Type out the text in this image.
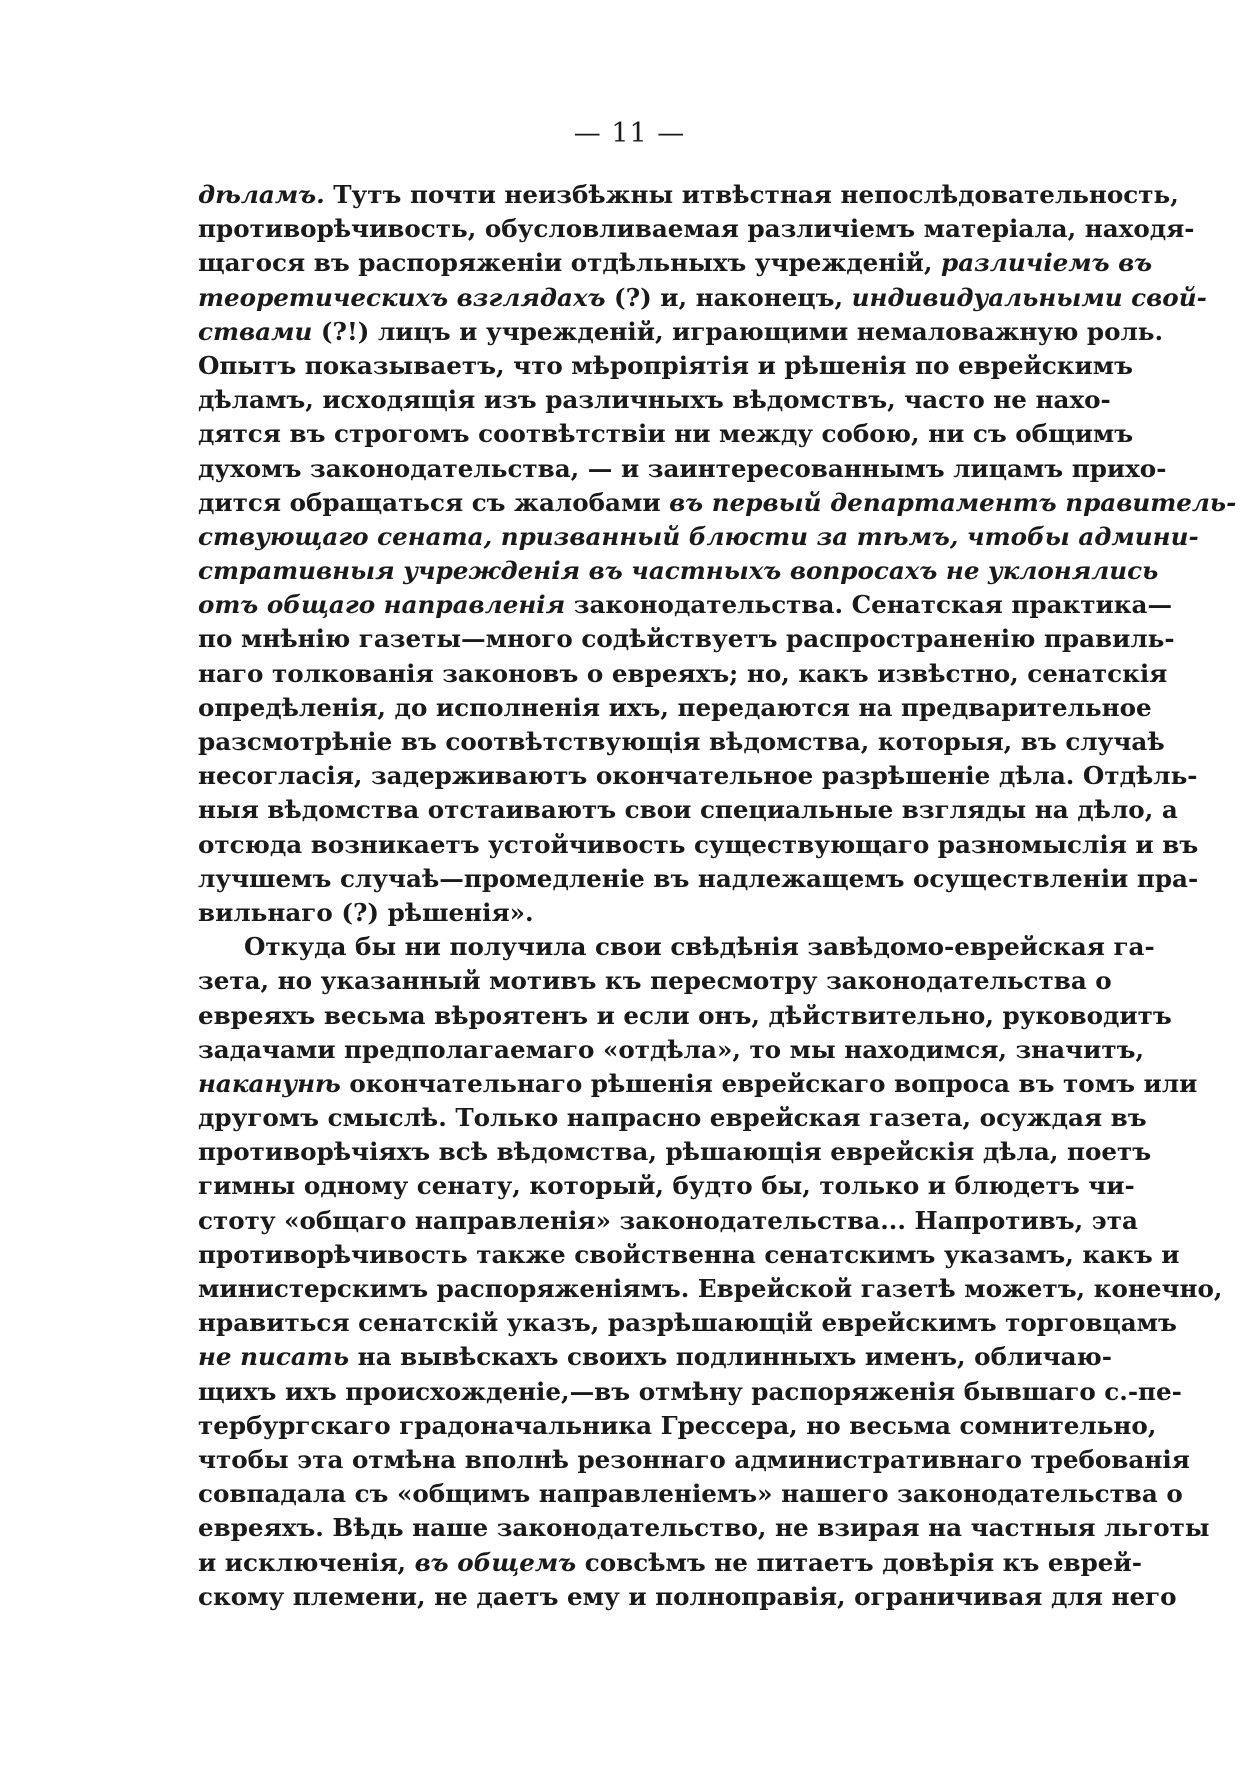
— 11 —
дѣламъ. Тутъ почти неизбѣжны итвѣстная непослѣдовательность,
противорѣчивость, обусловливаемая различіемъ матеріала, находя-
щагося въ распоряженіи отдѣльныхъ учрежденій, различіемъ въ
теоретическихъ взглядахъ (?) и, наконецъ, индивидуальными свой-
ствами (?!) лицъ и учрежденій, играющими немаловажную роль.
Опытъ показываетъ, что мѣропріятія и рѣшенія по еврейскимъ
дѣламъ, исходящія изъ различныхъ вѣдомствъ, часто не нахо-
дятся въ строгомъ соотвѣтствіи ни между собою, ни съ общимъ
духомъ законодательства, — и заинтересованнымъ лицамъ прихо-
дится обращаться съ жалобами въ первый департаментъ правитель-
ствующаго сената, призванный блюсти за тѣмъ, чтобы админи-
стративныя учрежденія въ частныхъ вопросахъ не уклонялись
отъ общаго направленія законодательства. Сенатская практика—
по мнѣнію газеты—много содѣйствуетъ распространенію правиль-
наго толкованія законовъ о евреяхъ; но, какъ извѣстно, сенатскія
опредѣленія, до исполненія ихъ, передаются на предварительное
разсмотрѣніе въ соотвѣтствующія вѣдомства, которыя, въ случаѣ
несогласія, задерживаютъ окончательное разрѣшеніе дѣла. Отдѣль-
ныя вѣдомства отстаиваютъ свои специальные взгляды на дѣло, а
отсюда возникаетъ устойчивость существующаго разномыслія и въ
лучшемъ случаѣ—промедленіе въ надлежащемъ осуществленіи пра-
вильнаго (?) рѣшенія».
Откуда бы ни получила свои свѣдѣнія завѣдомо-еврейская га-
зета, но указанный мотивъ къ пересмотру законодательства о
евреяхъ весьма вѣроятенъ и если онъ, дѣйствительно, руководитъ
задачами предполагаемаго «отдѣла», то мы находимся, значитъ,
наканунѣ окончательнаго рѣшенія еврейскаго вопроса въ томъ или
другомъ смыслѣ. Только напрасно еврейская газета, осуждая въ
противорѣчіяхъ всѣ вѣдомства, рѣшающія еврейскія дѣла, поетъ
гимны одному сенату, который, будто бы, только и блюдетъ чи-
стоту «общаго направленія» законодательства... Напротивъ, эта
противорѣчивость также свойственна сенатскимъ указамъ, какъ и
министерскимъ распоряженіямъ. Еврейской газетѣ можетъ, конечно,
нравиться сенатскій указъ, разрѣшающій еврейскимъ торговцамъ
не писать на вывѣскахъ своихъ подлинныхъ именъ, обличаю-
щихъ ихъ происхожденіе,—въ отмѣну распоряженія бывшаго с.-пе-
тербургскаго градоначальника Грессера, но весьма сомнительно,
чтобы эта отмѣна вполнѣ резоннаго административнаго требованія
совпадала съ «общимъ направленіемъ» нашего законодательства о
евреяхъ. Вѣдь наше законодательство, не взирая на частныя льготы
и исключенія, въ общемъ совсѣмъ не питаетъ довѣрія къ еврей-
скому племени, не даетъ ему и полноправія, ограничивая для него
